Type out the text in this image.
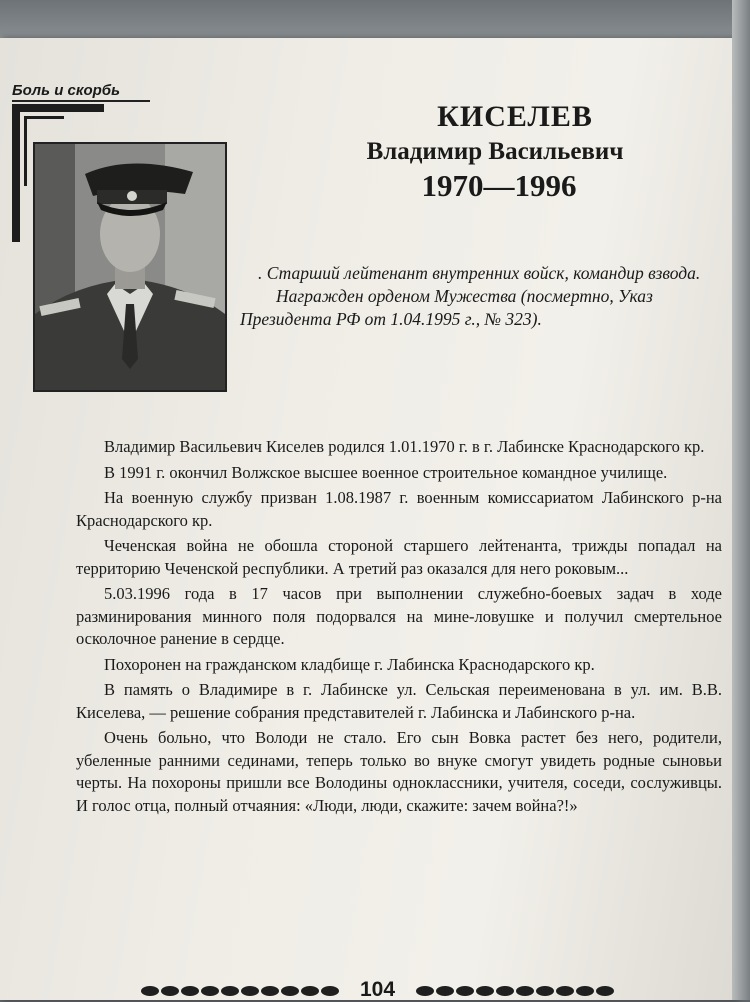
Боль и скорбь
КИСЕЛЕВ
Владимир Васильевич
1970—1996

. Старший лейтенант внутренних войск, командир взвода.

Награжден орденом Мужества (посмертно, Указ Президента РФ от 1.04.1995 г., № 323).

Владимир Васильевич Киселев родился 1.01.1970 г. в г. Лабинске Краснодарского кр.

В 1991 г. окончил Волжское высшее военное строительное командное училище.

На военную службу призван 1.08.1987 г. военным комиссариатом Лабинского р-на Краснодарского кр.

Чеченская война не обошла стороной старшего лейтенанта, трижды попадал на территорию Чеченской республики. А третий раз оказался для него роковым...

5.03.1996 года в 17 часов при выполнении служебно-боевых задач в ходе разминирования минного поля подорвался на мине-ловушке и получил смертельное осколочное ранение в сердце.

Похоронен на гражданском кладбище г. Лабинска Краснодарского кр.

В память о Владимире в г. Лабинске ул. Сельская переименована в ул. им. В.В. Киселева, — решение собрания представителей г. Лабинска и Лабинского р-на.

Очень больно, что Володи не стало. Его сын Вовка растет без него, родители, убеленные ранними сединами, теперь только во внуке смогут увидеть родные сыновьи черты. На похороны пришли все Володины одноклассники, учителя, соседи, сослуживцы. И голос отца, полный отчаяния: «Люди, люди, скажите: зачем война?!»

104
